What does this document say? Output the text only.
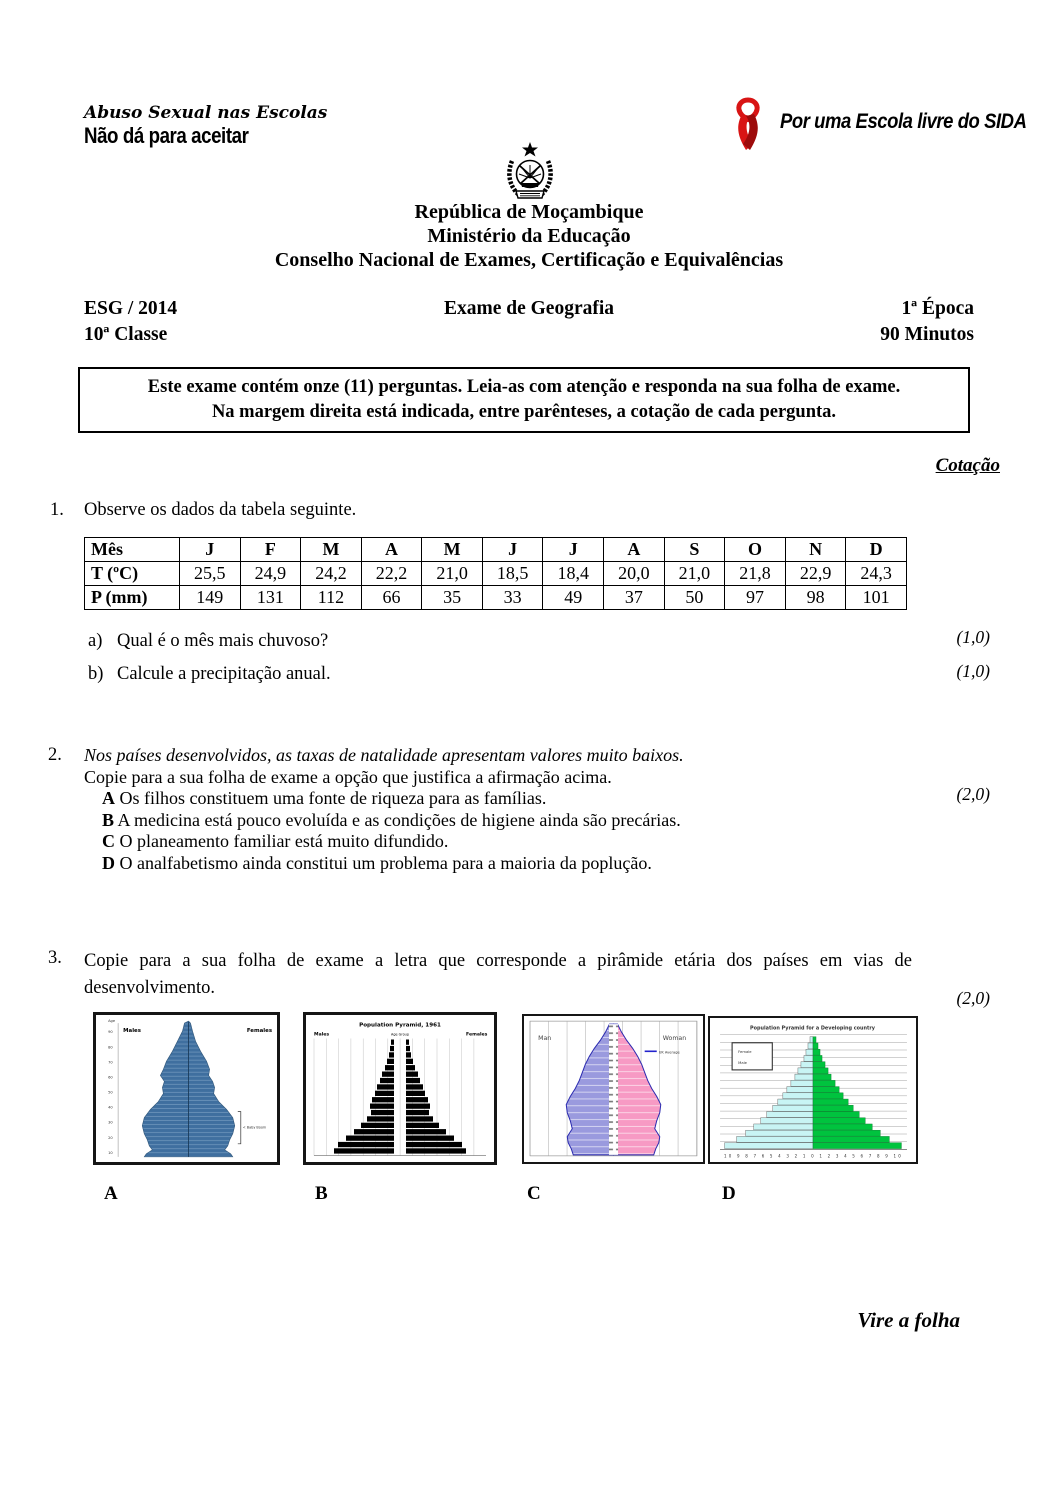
Abuso Sexual nas Escolas
Não dá para aceitar
Por uma Escola livre do SIDA
República de Moçambique
Ministério da Educação
Conselho Nacional de Exames, Certificação e Equivalências
ESG / 2014
10ª Classe
Exame de Geografia	1ª Época
90 Minutos
Este exame contém onze (11) perguntas. Leia-as com atenção e responda na sua folha de exame.
Na margem direita está indicada, entre parênteses, a cotação de cada pergunta.
Cotação
1. Observe os dados da tabela seguinte.
Mês	J	F	M	A	M	J	J	A	S	O	N	D
T (ºC)	25,5	24,9	24,2	22,2	21,0	18,5	18,4	20,0	21,0	21,8	22,9	24,3
P (mm)	149	131	112	66	35	33	49	37	50	97	98	101
a) Qual é o mês mais chuvoso?	(1,0)
b) Calcule a precipitação anual.	(1,0)
2. Nos países desenvolvidos, as taxas de natalidade apresentam valores muito baixos.
Copie para a sua folha de exame a opção que justifica a afirmação acima.
A Os filhos constituem uma fonte de riqueza para as famílias.
B A medicina está pouco evoluída e as condições de higiene ainda são precárias.
C O planeamento familiar está muito difundido.
D O analfabetismo ainda constitui um problema para a maioria da poplução.
(2,0)
3. Copie para a sua folha de exame a letra que corresponde a pirâmide etária dos países em vias de desenvolvimento.	(2,0)
Age
90
80
70
60
50
40
30
20
10
Males	Females
< Baby Boom
Population Pyramid, 1961
Males	Females
Age Group
Man	Woman
UK Average
Population Pyramid for a Developing country
Female
Male
10 9 8 7 6 5 4 3 2 1 0 1 2 3 4 5 6 7 8 9 10
A	B	C	D
Vire a folha
